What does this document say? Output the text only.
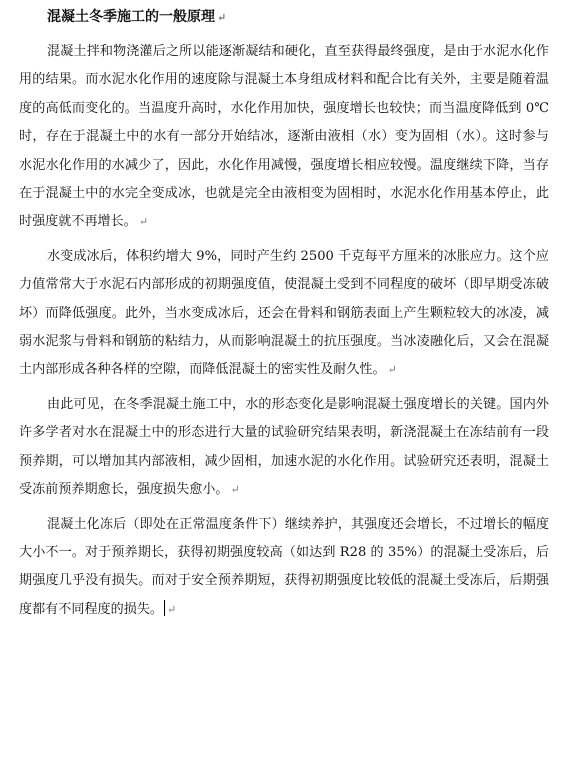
混凝土冬季施工的一般原理 ↵

混凝土拌和物浇灌后之所以能逐渐凝结和硬化，直至获得最终强度，是由于水泥水化作用的结果。而水泥水化作用的速度除与混凝土本身组成材料和配合比有关外，主要是随着温度的高低而变化的。当温度升高时，水化作用加快，强度增长也较快；而当温度降低到 0℃时，存在于混凝土中的水有一部分开始结冰，逐渐由液相（水）变为固相（水）。这时参与水泥水化作用的水减少了，因此，水化作用减慢，强度增长相应较慢。温度继续下降，当存在于混凝土中的水完全变成冰，也就是完全由液相变为固相时，水泥水化作用基本停止，此时强度就不再增长。 ↵

水变成冰后，体积约增大 9%，同时产生约 2500 千克每平方厘米的冰胀应力。这个应力值常常大于水泥石内部形成的初期强度值，使混凝土受到不同程度的破坏（即早期受冻破坏）而降低强度。此外，当水变成冰后，还会在骨料和钢筋表面上产生颗粒较大的冰凌，减弱水泥浆与骨料和钢筋的粘结力，从而影响混凝土的抗压强度。当冰凌融化后，又会在混凝土内部形成各种各样的空隙，而降低混凝土的密实性及耐久性。 ↵

由此可见，在冬季混凝土施工中，水的形态变化是影响混凝土强度增长的关键。国内外许多学者对水在混凝土中的形态进行大量的试验研究结果表明，新浇混凝土在冻结前有一段预养期，可以增加其内部液相，减少固相，加速水泥的水化作用。试验研究还表明，混凝土受冻前预养期愈长，强度损失愈小。 ↵

混凝土化冻后（即处在正常温度条件下）继续养护，其强度还会增长，不过增长的幅度大小不一。对于预养期长，获得初期强度较高（如达到 R28 的 35%）的混凝土受冻后，后期强度几乎没有损失。而对于安全预养期短，获得初期强度比较低的混凝土受冻后，后期强度都有不同程度的损失。 ↵
